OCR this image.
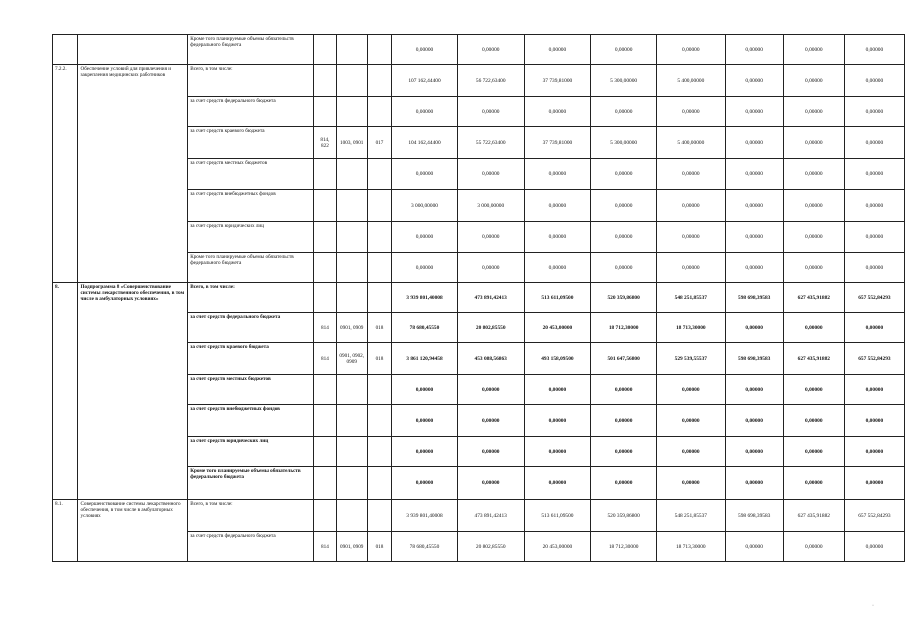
		Кроме того планируемые объемы обязательств федерального бюджета				0,00000	0,00000	0,00000	0,00000	0,00000	0,00000	0,00000	0,00000
7.2.2.	Обеспечение условий для привлечения и закрепления медицинских работников	Всего, в том числе:				107 162,44400	56 722,63400	37 739,81000	5 300,00000	5 400,00000	0,00000	0,00000	0,00000
		за счет средств федерального бюджета				0,00000	0,00000	0,00000	0,00000	0,00000	0,00000	0,00000	0,00000
		за счет средств краевого бюджета	814, 822	1003, 0901	017	104 162,44400	55 722,63400	37 739,81000	5 300,00000	5 400,00000	0,00000	0,00000	0,00000
		за счет средств местных бюджетов				0,00000	0,00000	0,00000	0,00000	0,00000	0,00000	0,00000	0,00000
		за счет средств внебюджетных фондов				3 000,00000	3 000,00000	0,00000	0,00000	0,00000	0,00000	0,00000	0,00000
		за счет средств юридических лиц				0,00000	0,00000	0,00000	0,00000	0,00000	0,00000	0,00000	0,00000
		Кроме того планируемые объемы обязательств федерального бюджета				0,00000	0,00000	0,00000	0,00000	0,00000	0,00000	0,00000	0,00000
8.	Подпрограмма 8 «Совершенствование системы лекарственного обеспечения, в том числе в амбулаторных условиях»	Всего, в том числе:				3 939 801,40008	473 891,42413	513 611,09500	520 359,86800	548 251,85537	598 698,39583	627 435,91882	657 552,84293
		за счет средств федерального бюджета	814	0901, 0909	018	78 680,45550	20 802,85550	20 453,00000	18 712,30000	18 713,30000	0,00000	0,00000	0,00000
		за счет средств краевого бюджета	814	0901, 0902, 0909	018	3 861 120,94458	453 088,56863	493 158,09500	501 647,56800	529 539,55537	598 698,39583	627 435,91882	657 552,84293
		за счет средств местных бюджетов				0,00000	0,00000	0,00000	0,00000	0,00000	0,00000	0,00000	0,00000
		за счет средств внебюджетных фондов				0,00000	0,00000	0,00000	0,00000	0,00000	0,00000	0,00000	0,00000
		за счет средств юридических лиц				0,00000	0,00000	0,00000	0,00000	0,00000	0,00000	0,00000	0,00000
		Кроме того планируемые объемы обязательств федерального бюджета				0,00000	0,00000	0,00000	0,00000	0,00000	0,00000	0,00000	0,00000
8.1.	Совершенствование системы лекарственного обеспечения, в том числе в амбулаторных условиях	Всего, в том числе:				3 939 801,40008	473 891,42413	513 611,09500	520 359,86800	548 251,85537	598 698,39583	627 435,91882	657 552,84293
		за счет средств федерального бюджета	814	0901, 0909	018	78 680,45550	20 802,85550	20 453,00000	18 712,30000	18 713,30000	0,00000	0,00000	0,00000
·
